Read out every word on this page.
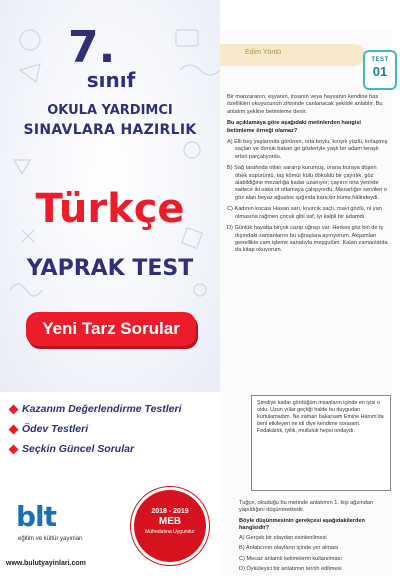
Edim Yöntü
TEST
01

Bir manzaranın, eşyanın, insanın veya hayvanın kendine has özellikleri okuyucunun zihninde canlanacak şekilde anlatılır. Bu anlatım şekline betimleme denir.

Bu açıklamaya göre aşağıdaki metinlerden hangisi betimleme örneği olamaz?

A) Elli beş yaşlarında görünen, orta boylu, kırışık yüzlü, kırlaşmış saçları ve donuk bakan gri gözleriyle yaşlı bir adam teraşlı erleri parçalıyordu.

B) Sağ tarafında otları sararıp kurumuş, orana buraya döşen öbek süpürüntü, taş kömür külü döküldü bir çayırlık, göz alabildiğine mezarlığa kadar uzanıyor; çayırın orta yerinde sadece iki saka ot otlamaya çalışıyordu. Mezarlığın servileri o göz alan beyaz ağustos ışığında kara bir küme hâlindeydi.

C) Kadının kocası Hasan sarı, kıvırcık saçlı, mavi gözlü, ni yan olmasına rağmen çocuk gibi saf, iyi kalpli bir adamdı.

D) Günlük hayatta birçok cazip uğraşı var. Herkes göz bin de iş dışındaki zamanlarını bu uğraşlara ayırıyorum. Akşamları genellikle cam işleme sanatıyla meşgulüm. Kalan zamanlarda da kitap okuyorum.

Şimdiye kadar gördüğüm insanların içinde en iyisi o oldu. Uzun yıllar geçtiği halde bu duygudan kurtulamadım. Ne zaman bakarsam Emine Hanım'da beni etkileyen ne idi diye kendime soraram. Fedakârlık, iyilik, mutluluk hepsi ondaydı.

Tuğçe, okuduğu bu metinde anlatımın 1. kişi ağzından yapıldığını düşünmektedir.

Böyle düşünmesinin gerekçesi aşağıdakilerden hangisidir?

A) Gerçek bir olaydan esinlenilmesi

B) Anlatıcının olayların içinde yer alması

C) Mecaz anlamlı kelimelerin kullanılması

D) Öyküleyici bir anlatımın tercih edilmesi

7.
sınıf
OKULA YARDIMCI
SINAVLARA HAZIRLIK
Türkçe
YAPRAK TEST
Yeni Tarz Sorular
Kazanım Değerlendirme Testleri
Ödev Testleri
Seçkin Güncel Sorular
blt
eğitim ve kültür yayınları
www.bulutyayinlari.com
2018 - 2019
MEB
Müfredatına Uygundur
